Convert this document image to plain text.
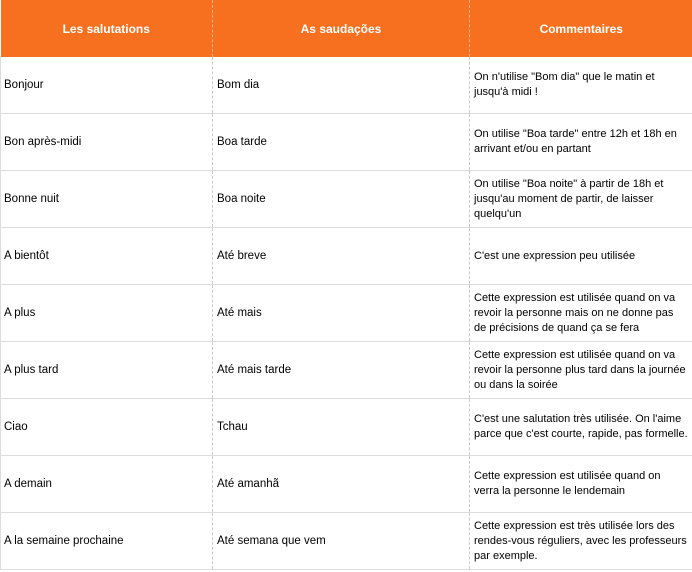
Les salutations	As saudações	Commentaires
Bonjour	Bom dia	On n'utilise "Bom dia" que le matin et jusqu'à midi !
Bon après-midi	Boa tarde	On utilise "Boa tarde" entre 12h et 18h en arrivant et/ou en partant
Bonne nuit	Boa noite	On utilise "Boa noite" à partir de 18h et jusqu'au moment de partir, de laisser quelqu'un
A bientôt	Até breve	C'est une expression peu utilisée
A plus	Até mais	Cette expression est utilisée quand on va revoir la personne mais on ne donne pas de précisions de quand ça se fera
A plus tard	Até mais tarde	Cette expression est utilisée quand on va revoir la personne plus tard dans la journée ou dans la soirée
Ciao	Tchau	C'est une salutation très utilisée. On l'aime parce que c'est courte, rapide, pas formelle.
A demain	Até amanhã	Cette expression est utilisée quand on verra la personne le lendemain
A la semaine prochaine	Até semana que vem	Cette expression est très utilisée lors des rendes-vous réguliers, avec les professeurs par exemple.
